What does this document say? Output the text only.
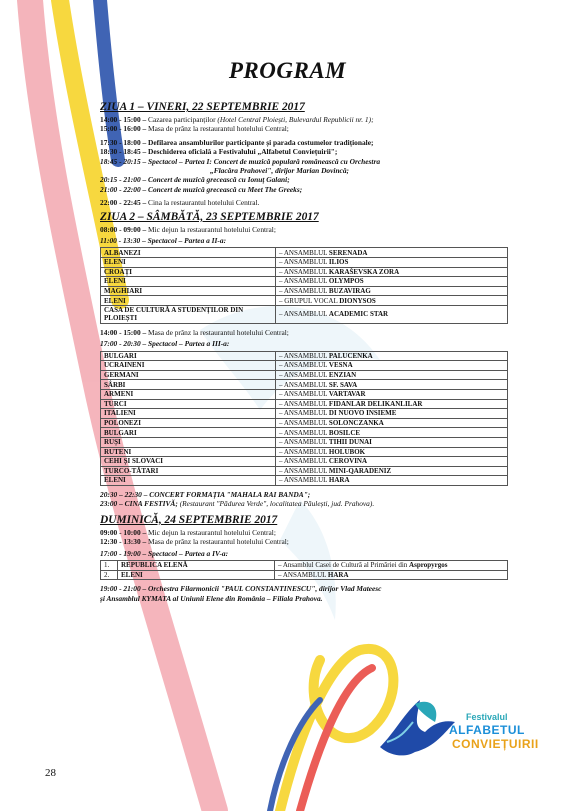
PROGRAM
ZIUA 1 – VINERI, 22 SEPTEMBRIE 2017
14:00 - 15:00 – Cazarea participanților (Hotel Central Ploiești, Bulevardul Republicii nr. 1);
15:00 - 16:00 – Masa de prânz la restaurantul hotelului Central;
17:30 - 18:00 – Defilarea ansamblurilor participante și parada costumelor tradiționale;
18:30 - 18:45 – Deschiderea oficială a Festivalului „Alfabetul Conviețuirii";
18:45 - 20:15 – Spectacol – Partea I: Concert de muzică populară românească cu Orchestra
„Flacăra Prahovei", dirijor Marian Dovincă;
20:15 - 21:00 – Concert de muzică grecească cu Ionuț Galani;
21:00 - 22:00 – Concert de muzică grecească cu Meet The Greeks;
22:00 - 22:45 – Cina la restaurantul hotelului Central.
ZIUA 2 – SÂMBĂTĂ, 23 SEPTEMBRIE 2017
08:00 - 09:00 – Mic dejun la restaurantul hotelului Central;
11:00 - 13:30 – Spectacol – Partea a II-a:
ALBANEZI	– ANSAMBLUL SERENADA
ELENI	– ANSAMBLUL ILIOS
CROAȚI	– ANSAMBLUL KARAŠEVSKA ZORA
ELENI	– ANSAMBLUL OLYMPOS
MAGHIARI	– ANSAMBLUL BUZAVIRAG
ELENI	– GRUPUL VOCAL DIONYSOS
CASA DE CULTURĂ A STUDENȚILOR DIN PLOIEȘTI	– ANSAMBLUL ACADEMIC STAR
14:00 - 15:00 – Masa de prânz la restaurantul hotelului Central;
17:00 - 20:30 – Spectacol – Partea a III-a:
BULGARI	– ANSAMBLUL PALUCENKA
UCRAINENI	– ANSAMBLUL VESNA
GERMANI	– ANSAMBLUL ENZIAN
SÂRBI	– ANSAMBLUL SF. SAVA
ARMENI	– ANSAMBLUL VARTAVAR
TURCI	– ANSAMBLUL FIDANLAR DELIKANLILAR
ITALIENI	– ANSAMBLUL DI NUOVO INSIEME
POLONEZI	– ANSAMBLUL SOLONCZANKA
BULGARI	– ANSAMBLUL BOSILCE
RUȘI	– ANSAMBLUL TIHII DUNAI
RUTENI	– ANSAMBLUL HOLUBOK
CEHI ȘI SLOVACI	– ANSAMBLUL CEROVINA
TURCO-TĂTARI	– ANSAMBLUL MINI-QARADENIZ
ELENI	– ANSAMBLUL HARA
20:30 – 22:30 – CONCERT FORMAȚIA "MAHALA RAI BANDA";
23:00 – CINA FESTIVĂ; (Restaurant "Pădurea Verde", localitatea Păulești, jud. Prahova).
DUMINICĂ, 24 SEPTEMBRIE 2017
09:00 - 10:00 – Mic dejun la restaurantul hotelului Central;
12:30 - 13:30 – Masa de prânz la restaurantul hotelului Central;
17:00 - 19:00 – Spectacol – Partea a IV-a:
1.	REPUBLICA ELENĂ	– Ansamblul Casei de Cultură al Primăriei din Aspropyrgos
2.	ELENI	– ANSAMBLUL HARA
19:00 - 21:00 – Orchestra Filarmonicii "PAUL CONSTANTINESCU", dirijor Vlad Mateesc
și Ansamblul KYMATA al Uniunii Elene din România – Filiala Prahova.
Festivalul
ALFABETUL
CONVIEȚUIRII
28
